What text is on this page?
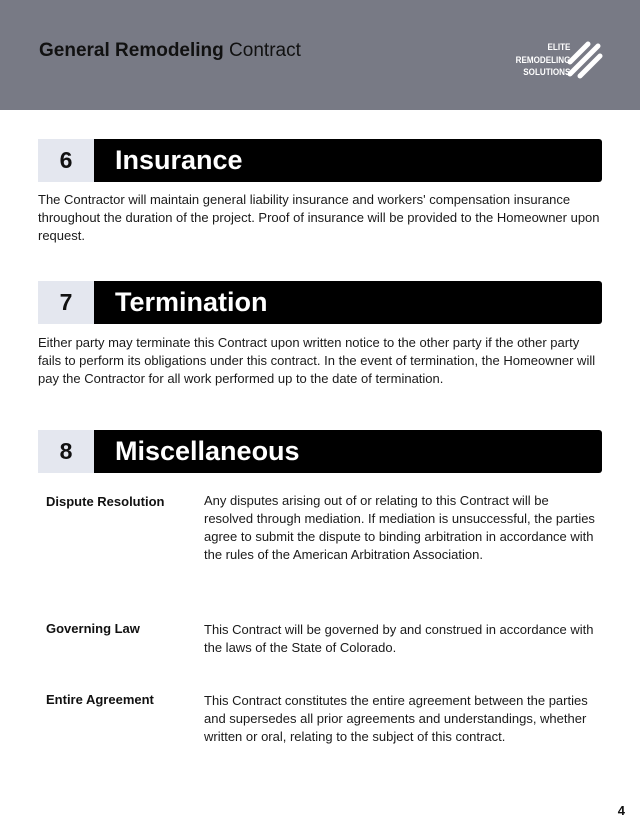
General Remodeling Contract	ELITE
REMODELING
SOLUTIONS
6	Insurance

The Contractor will maintain general liability insurance and workers' compensation insurance throughout the duration of the project. Proof of insurance will be provided to the Homeowner upon request.

7	Termination

Either party may terminate this Contract upon written notice to the other party if the other party fails to perform its obligations under this contract. In the event of termination, the Homeowner will pay the Contractor for all work performed up to the date of termination.

8	Miscellaneous
Dispute Resolution	Any disputes arising out of or relating to this Contract will be resolved through mediation. If mediation is unsuccessful, the parties agree to submit the dispute to binding arbitration in accordance with the rules of the American Arbitration Association.

Governing Law	This Contract will be governed by and construed in accordance with the laws of the State of Colorado.

Entire Agreement	This Contract constitutes the entire agreement between the parties and supersedes all prior agreements and understandings, whether written or oral, relating to the subject of this contract.

4
